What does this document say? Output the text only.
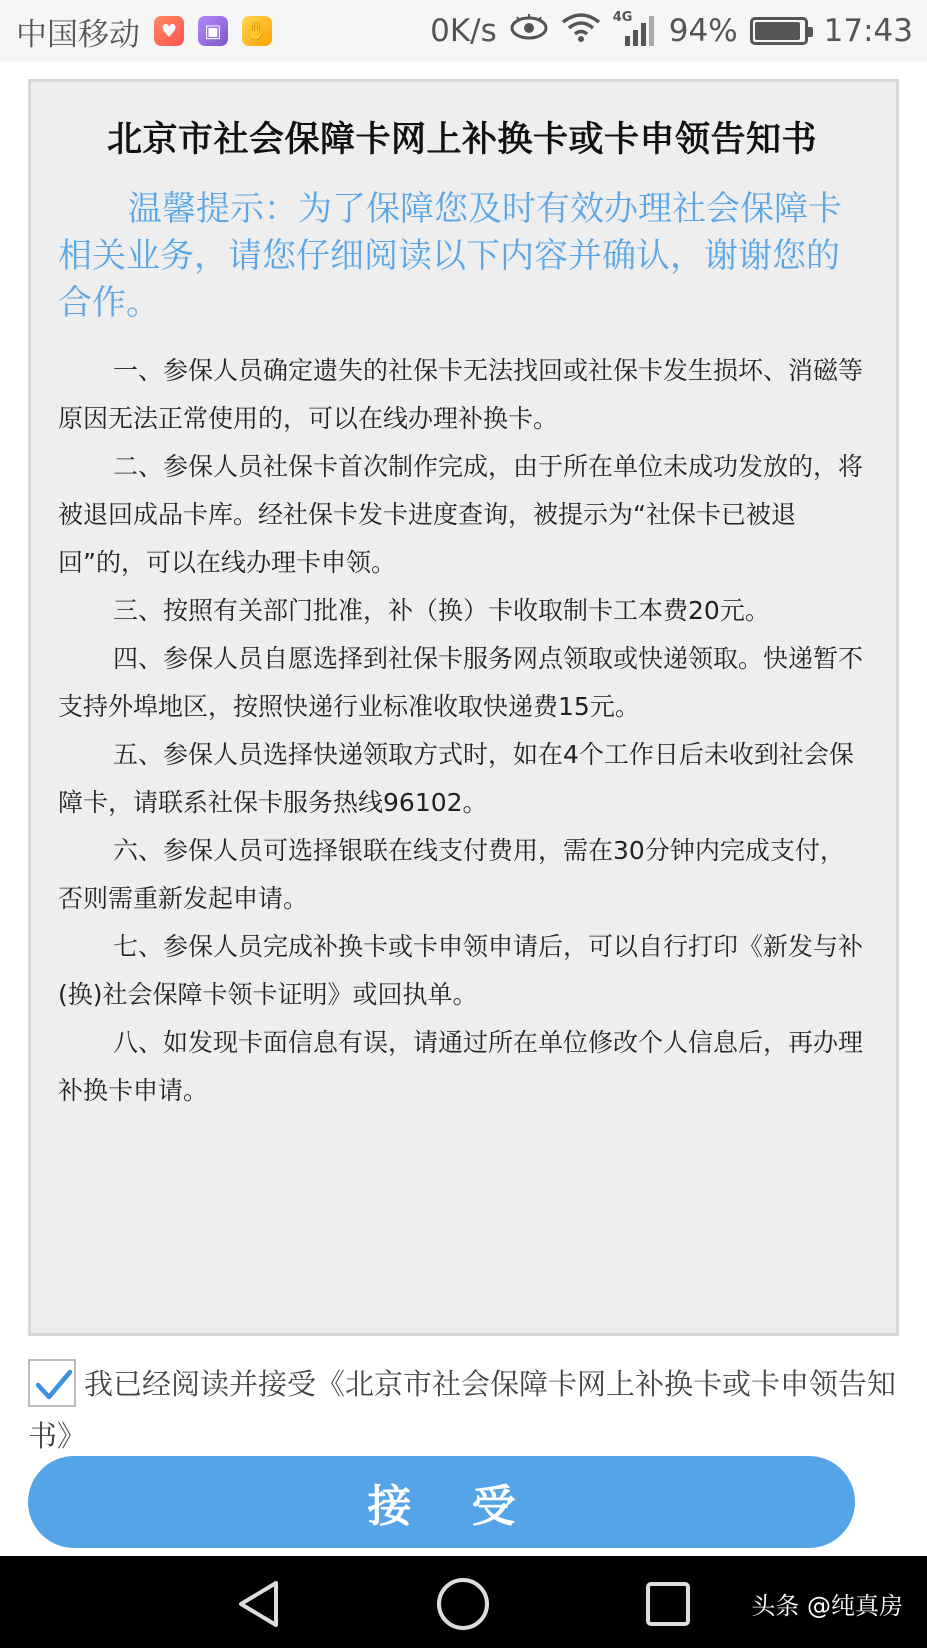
中国移动	♥	▣	✋	0K/s	4G 94%	17:43
北京市社会保障卡网上补换卡或卡申领告知书

温馨提示：为了保障您及时有效办理社会保障卡相关业务，请您仔细阅读以下内容并确认，谢谢您的合作。

一、参保人员确定遗失的社保卡无法找回或社保卡发生损坏、消磁等原因无法正常使用的，可以在线办理补换卡。

二、参保人员社保卡首次制作完成，由于所在单位未成功发放的，将被退回成品卡库。经社保卡发卡进度查询，被提示为“社保卡已被退回”的，可以在线办理卡申领。

三、按照有关部门批准，补（换）卡收取制卡工本费20元。

四、参保人员自愿选择到社保卡服务网点领取或快递领取。快递暂不支持外埠地区，按照快递行业标准收取快递费15元。

五、参保人员选择快递领取方式时，如在4个工作日后未收到社会保障卡，请联系社保卡服务热线96102。

六、参保人员可选择银联在线支付费用，需在30分钟内完成支付，否则需重新发起申请。

七、参保人员完成补换卡或卡申领申请后，可以自行打印《新发与补(换)社会保障卡领卡证明》或回执单。

八、如发现卡面信息有误，请通过所在单位修改个人信息后，再办理补换卡申请。

我已经阅读并接受《北京市社会保障卡网上补换卡或卡申领告知书》
接受
头条 @纯真房
